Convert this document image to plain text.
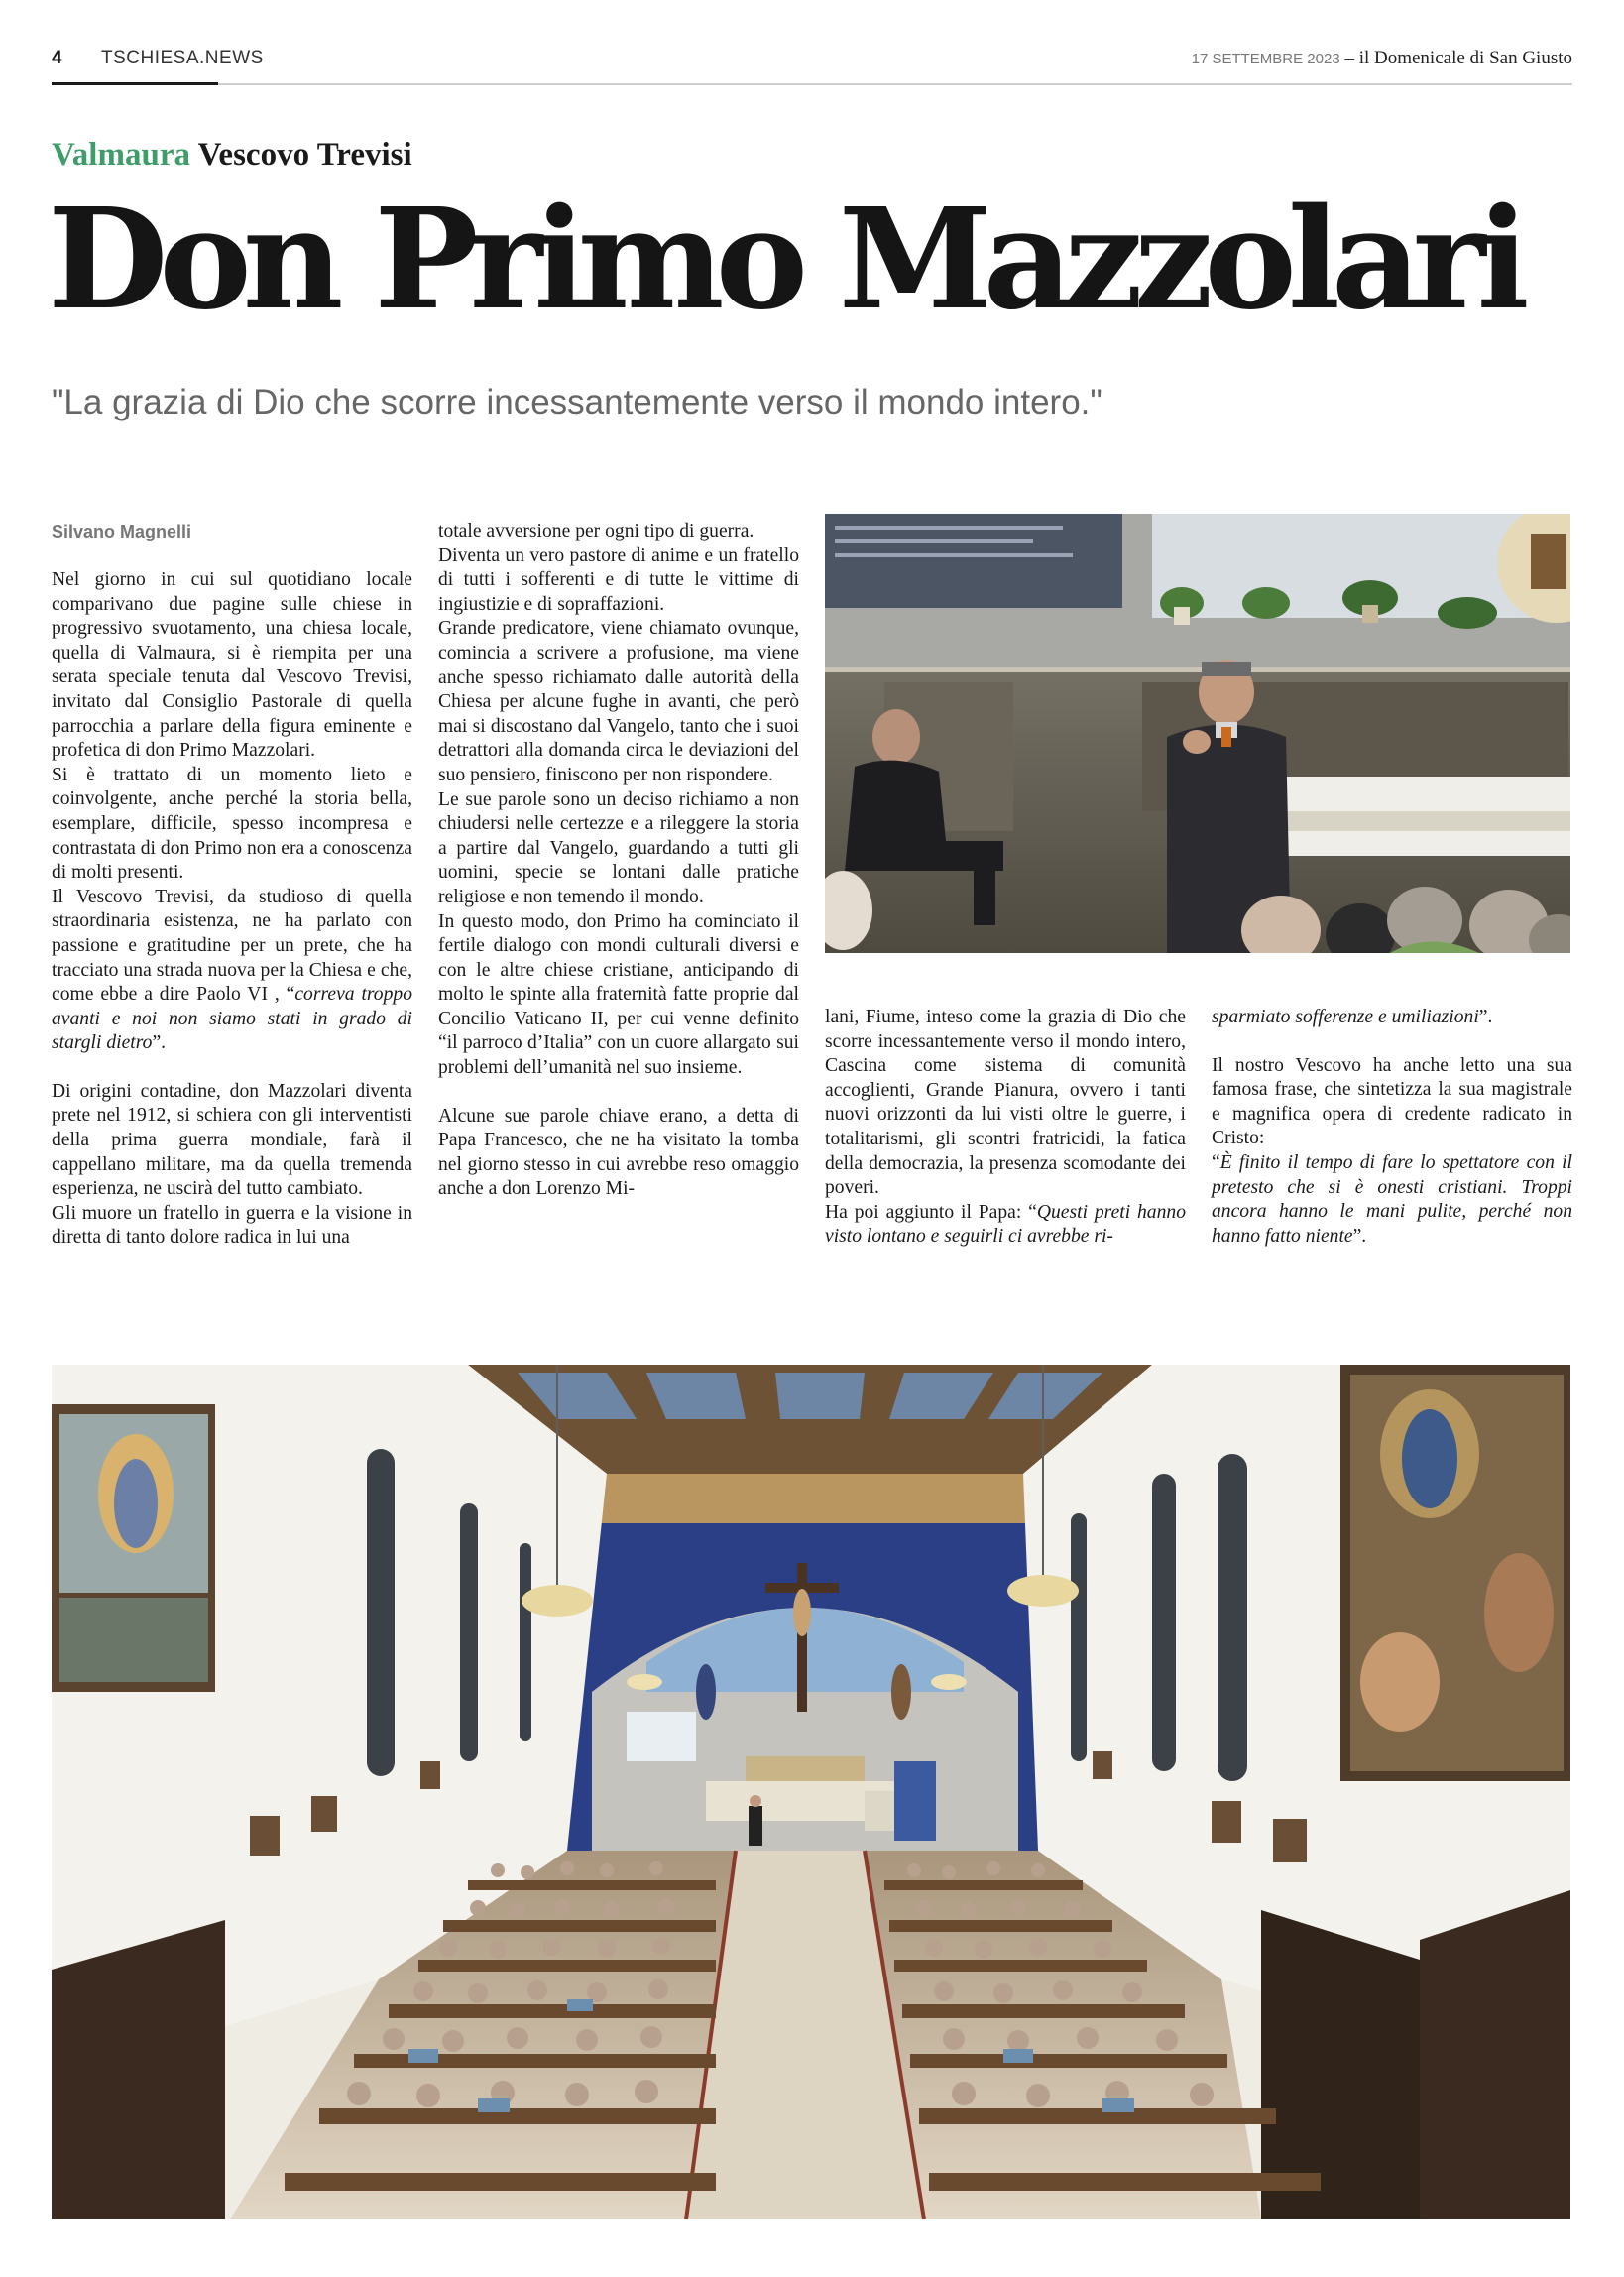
4 TSCHIESA.NEWS	17 SETTEMBRE 2023 – il Domenicale di San Giusto
Valmaura Vescovo Trevisi
Don Primo Mazzolari
"La grazia di Dio che scorre incessantemente verso il mondo intero."
Silvano Magnelli

Nel giorno in cui sul quotidiano locale comparivano due pagine sulle chiese in progressivo svuotamento, una chiesa locale, quella di Valmaura, si è riempita per una serata speciale tenuta dal Vescovo Trevisi, invitato dal Consiglio Pastorale di quella parrocchia a parlare della figura eminente e profetica di don Primo Mazzolari.

Si è trattato di un momento lieto e coinvolgente, anche perché la storia bella, esemplare, difficile, spesso incompresa e contrastata di don Primo non era a conoscenza di molti presenti.

Il Vescovo Trevisi, da studioso di quella straordinaria esistenza, ne ha parlato con passione e gratitudine per un prete, che ha tracciato una strada nuova per la Chiesa e che, come ebbe a dire Paolo VI , “correva troppo avanti e noi non siamo stati in grado di stargli dietro”.

Di origini contadine, don Mazzolari diventa prete nel 1912, si schiera con gli interventisti della prima guerra mondiale, farà il cappellano militare, ma da quella tremenda esperienza, ne uscirà del tutto cambiato.

Gli muore un fratello in guerra e la visione in diretta di tanto dolore radica in lui una

totale avversione per ogni tipo di guerra.

Diventa un vero pastore di anime e un fratello di tutti i sofferenti e di tutte le vittime di ingiustizie e di sopraffazioni.

Grande predicatore, viene chiamato ovunque, comincia a scrivere a profusione, ma viene anche spesso richiamato dalle autorità della Chiesa per alcune fughe in avanti, che però mai si discostano dal Vangelo, tanto che i suoi detrattori alla domanda circa le deviazioni del suo pensiero, finiscono per non rispondere.

Le sue parole sono un deciso richiamo a non chiudersi nelle certezze e a rileggere la storia a partire dal Vangelo, guardando a tutti gli uomini, specie se lontani dalle pratiche religiose e non temendo il mondo.

In questo modo, don Primo ha cominciato il fertile dialogo con mondi culturali diversi e con le altre chiese cristiane, anticipando di molto le spinte alla fraternità fatte proprie dal Concilio Vaticano II, per cui venne definito “il parroco d’Italia” con un cuore allargato sui problemi dell’umanità nel suo insieme.

Alcune sue parole chiave erano, a detta di Papa Francesco, che ne ha visitato la tomba nel giorno stesso in cui avrebbe reso omaggio anche a don Lorenzo Mi-

lani, Fiume, inteso come la grazia di Dio che scorre incessantemente verso il mondo intero, Cascina come sistema di comunità accoglienti, Grande Pianura, ovvero i tanti nuovi orizzonti da lui visti oltre le guerre, i totalitarismi, gli scontri fratricidi, la fatica della democrazia, la presenza scomodante dei poveri.

Ha poi aggiunto il Papa: “Questi preti hanno visto lontano e seguirli ci avrebbe ri-

sparmiato sofferenze e umiliazioni”.

Il nostro Vescovo ha anche letto una sua famosa frase, che sintetizza la sua magistrale e magnifica opera di credente radicato in Cristo:

“È finito il tempo di fare lo spettatore con il pretesto che si è onesti cristiani. Troppi ancora hanno le mani pulite, perché non hanno fatto niente”.
